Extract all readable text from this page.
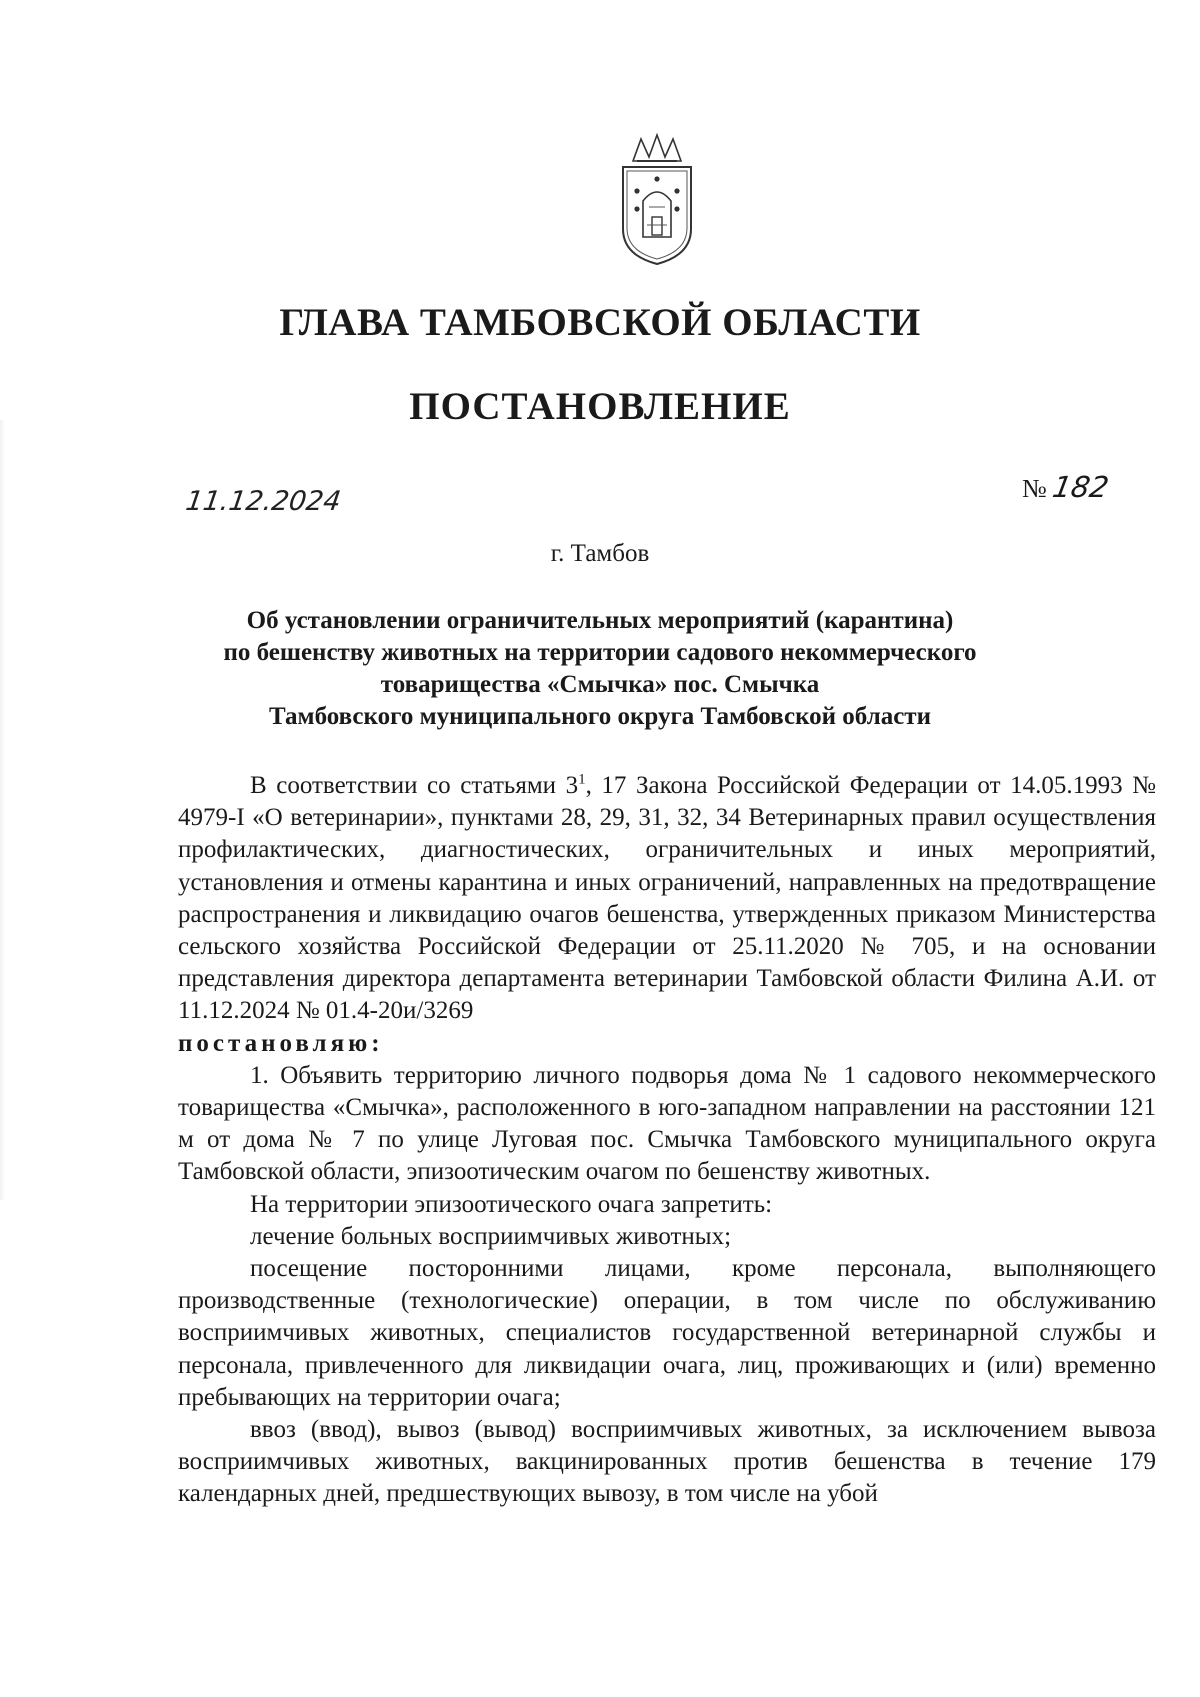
ГЛАВА ТАМБОВСКОЙ ОБЛАСТИ
ПОСТАНОВЛЕНИЕ
11.12.2024	№ 182
г. Тамбов
Об установлении ограничительных мероприятий (карантина)
по бешенству животных на территории садового некоммерческого
товарищества «Смычка» пос. Смычка
Тамбовского муниципального округа Тамбовской области

В соответствии со статьями $3^1$, 17 Закона Российской Федерации от 14.05.1993 № 4979-I «О ветеринарии», пунктами 28, 29, 31, 32, 34 Ветеринарных правил осуществления профилактических, диагностических, ограничительных и иных мероприятий, установления и отмены карантина и иных ограничений, направленных на предотвращение распространения и ликвидацию очагов бешенства, утвержденных приказом Министерства сельского хозяйства Российской Федерации от 25.11.2020 № 705, и на основании представления директора департамента ветеринарии Тамбовской области Филина А.И. от 11.12.2024 № 01.4-20и/3269

постановляю:

1. Объявить территорию личного подворья дома № 1 садового некоммерческого товарищества «Смычка», расположенного в юго-западном направлении на расстоянии 121 м от дома № 7 по улице Луговая пос. Смычка Тамбовского муниципального округа Тамбовской области, эпизоотическим очагом по бешенству животных.

На территории эпизоотического очага запретить:

лечение больных восприимчивых животных;

посещение посторонними лицами, кроме персонала, выполняющего производственные (технологические) операции, в том числе по обслуживанию восприимчивых животных, специалистов государственной ветеринарной службы и персонала, привлеченного для ликвидации очага, лиц, проживающих и (или) временно пребывающих на территории очага;

ввоз (ввод), вывоз (вывод) восприимчивых животных, за исключением вывоза восприимчивых животных, вакцинированных против бешенства в течение 179 календарных дней, предшествующих вывозу, в том числе на убой
